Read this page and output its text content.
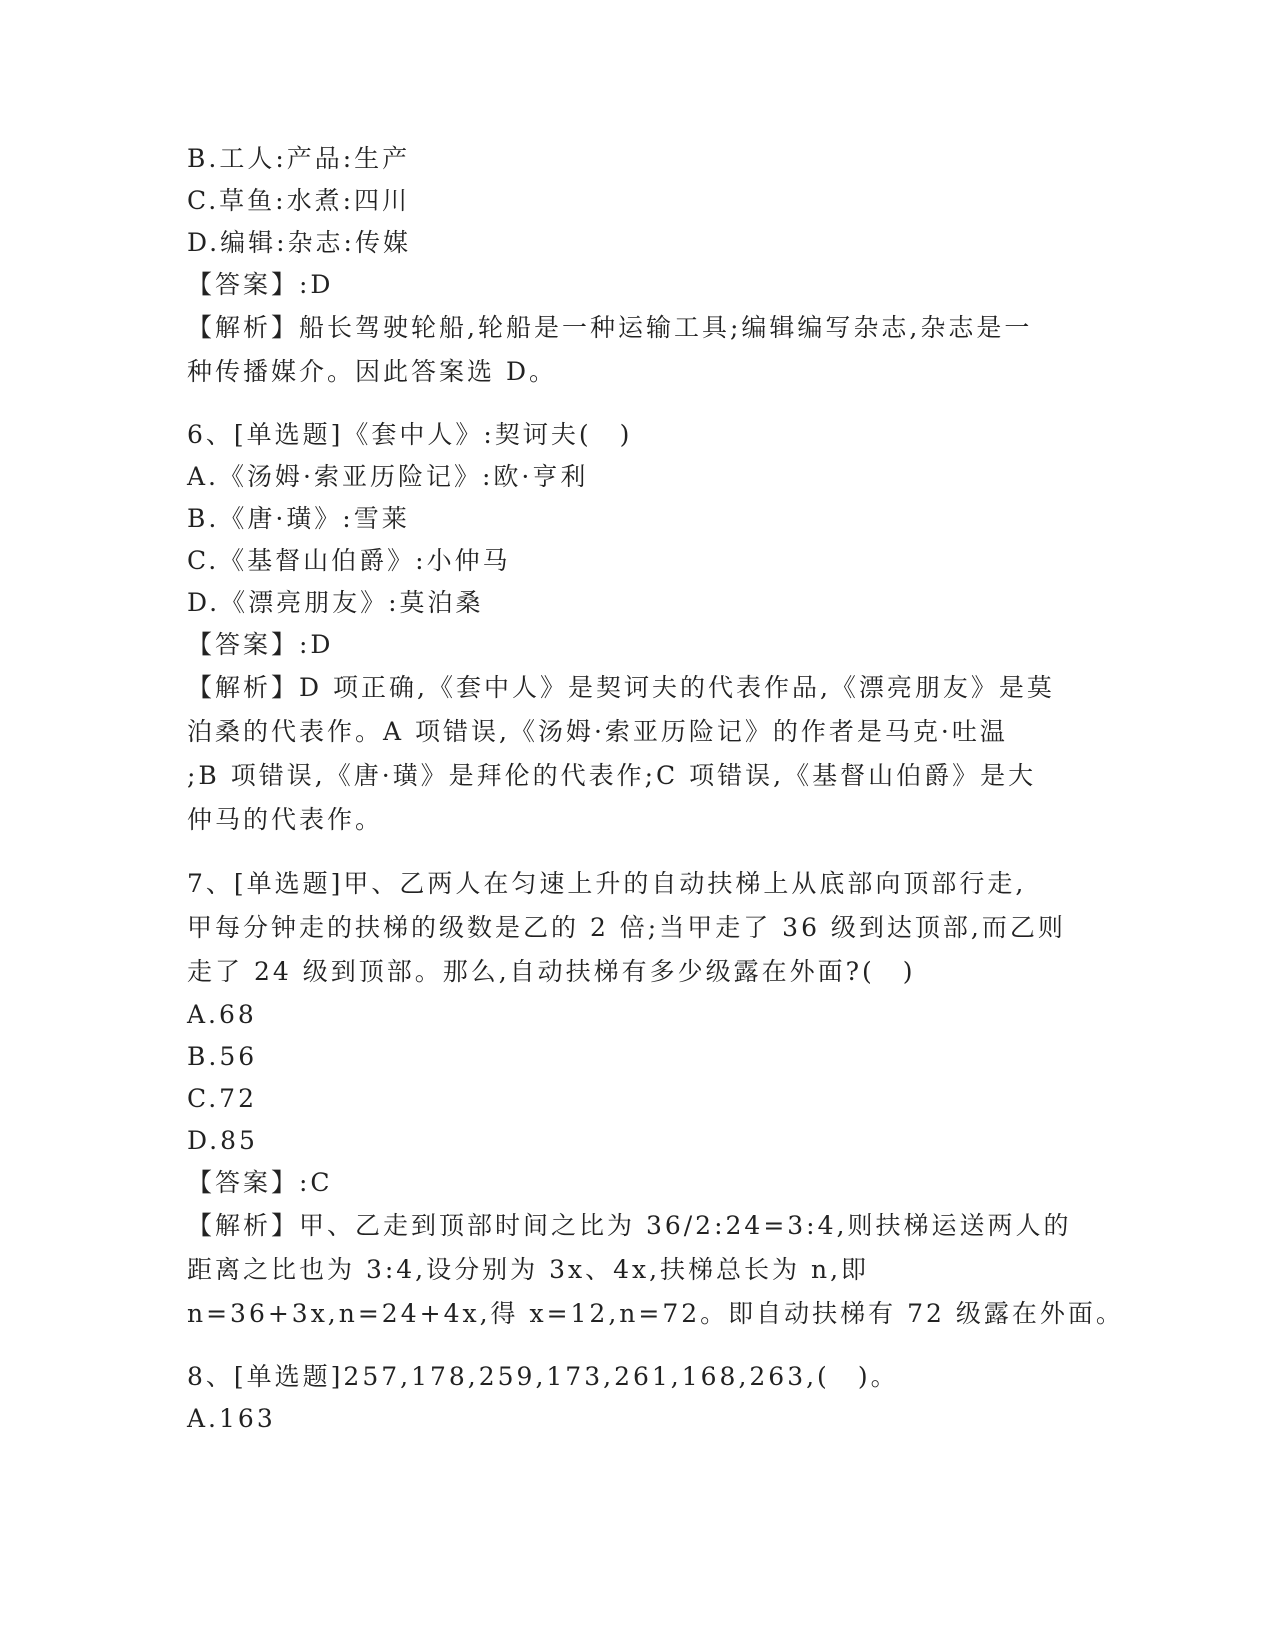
B.工人:产品:生产
C.草鱼:水煮:四川
D.编辑:杂志:传媒
【答案】:D
【解析】船长驾驶轮船,轮船是一种运输工具;编辑编写杂志,杂志是一
种传播媒介。因此答案选 D。
6、[单选题]《套中人》:契诃夫(　)
A.《汤姆·索亚历险记》:欧·亨利
B.《唐·璜》:雪莱
C.《基督山伯爵》:小仲马
D.《漂亮朋友》:莫泊桑
【答案】:D
【解析】D 项正确,《套中人》是契诃夫的代表作品,《漂亮朋友》是莫
泊桑的代表作。A 项错误,《汤姆·索亚历险记》的作者是马克·吐温
;B 项错误,《唐·璜》是拜伦的代表作;C 项错误,《基督山伯爵》是大
仲马的代表作。
7、[单选题]甲、乙两人在匀速上升的自动扶梯上从底部向顶部行走,
甲每分钟走的扶梯的级数是乙的 2 倍;当甲走了 36 级到达顶部,而乙则
走了 24 级到顶部。那么,自动扶梯有多少级露在外面?(　)
A.68
B.56
C.72
D.85
【答案】:C
【解析】甲、乙走到顶部时间之比为 36/2:24=3:4,则扶梯运送两人的
距离之比也为 3:4,设分别为 3x、4x,扶梯总长为 n,即
n=36+3x,n=24+4x,得 x=12,n=72。即自动扶梯有 72 级露在外面。
8、[单选题]257,178,259,173,261,168,263,(　)。
A.163
